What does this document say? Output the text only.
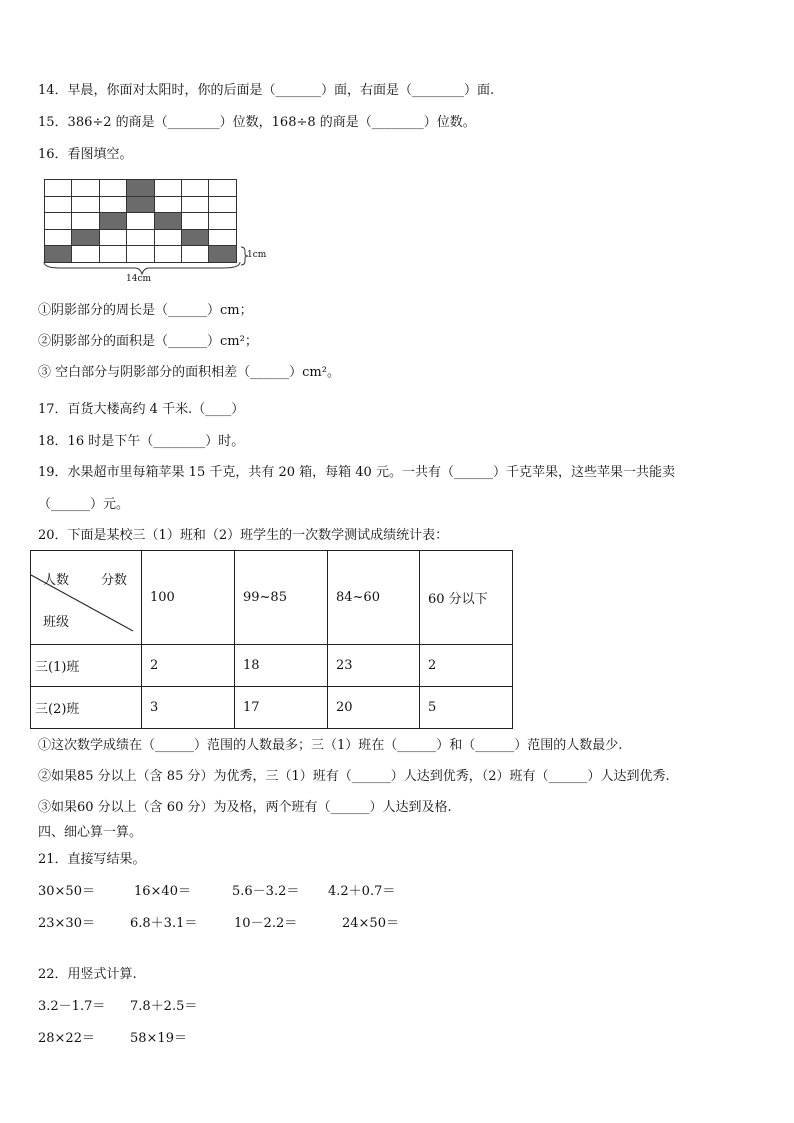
14．早晨，你面对太阳时，你的后面是（_______）面，右面是（________）面.
15．386÷2 的商是（________）位数，168÷8 的商是（________）位数。
16．看图填空。

14cm
1cm
①阴影部分的周长是（______）cm；
②阴影部分的面积是（______）cm²；
③ 空白部分与阴影部分的面积相差（______）cm²。
17．百货大楼高约 4 千米.（____）
18．16 时是下午（________）时。
19．水果超市里每箱苹果 15 千克，共有 20 箱，每箱 40 元。一共有（______）千克苹果，这些苹果一共能卖
（______）元。
20．下面是某校三（1）班和（2）班学生的一次数学测试成绩统计表：
人数 分数
班级	100	99~85	84~60	60 分以下
三(1)班	2	18	23	2
三(2)班	3	17	20	5
①这次数学成绩在（______）范围的人数最多；三（1）班在（______）和（______）范围的人数最少.
②如果85 分以上（含 85 分）为优秀，三（1）班有（______）人达到优秀，（2）班有（______）人达到优秀.
③如果60 分以上（含 60 分）为及格，两个班有（______）人达到及格.
四、细心算一算。
21．直接写结果。
30×50＝	16×40＝	5.6－3.2＝ 4.2＋0.7＝
23×30＝	6.8＋3.1＝	10－2.2＝	24×50＝
22．用竖式计算.
3.2－1.7＝ 7.8＋2.5＝
28×22＝	58×19＝
